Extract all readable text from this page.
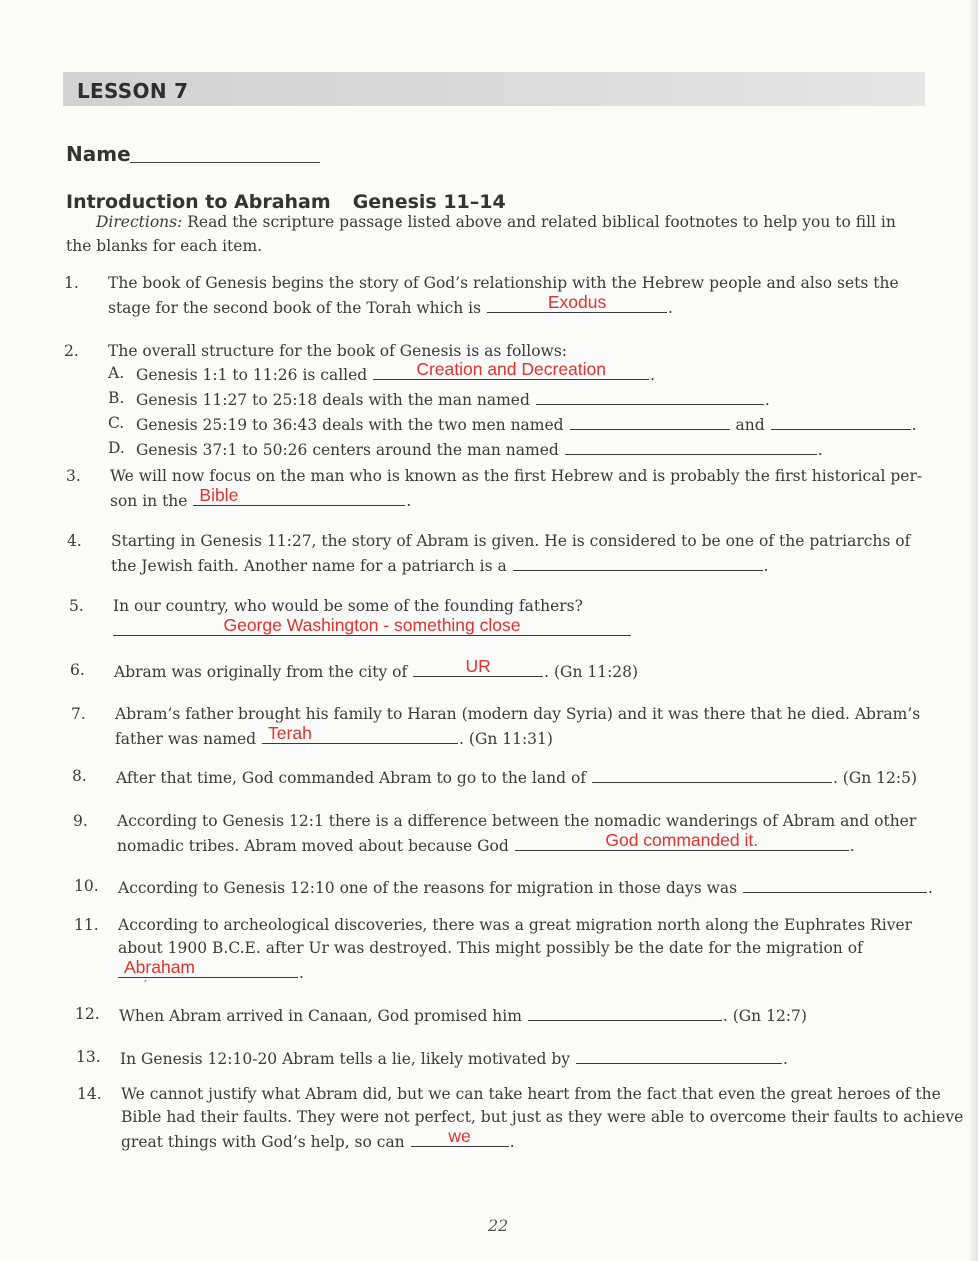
LESSON 7
Name
Introduction to Abraham Genesis 11–14

Directions: Read the scripture passage listed above and related biblical footnotes to help you to fill in the blanks for each item.

1. The book of Genesis begins the story of God’s relationship with the Hebrew people and also sets the
stage for the second book of the Torah which is	Exodus	.
2. The overall structure for the book of Genesis is as follows:
A. Genesis 1:1 to 11:26 is called	Creation and Decreation	.
B. Genesis 11:27 to 25:18 deals with the man named	.
C. Genesis 25:19 to 36:43 deals with the two men named	and	.
D. Genesis 37:1 to 50:26 centers around the man named	.
3. We will now focus on the man who is known as the first Hebrew and is probably the first historical per-
son in the Bible	.
4. Starting in Genesis 11:27, the story of Abram is given. He is considered to be one of the patriarchs of
the Jewish faith. Another name for a patriarch is a	.
5. In our country, who would be some of the founding fathers?

George Washington - something close
6. Abram was originally from the city of	UR	. (Gn 11:28)
7. Abram’s father brought his family to Haran (modern day Syria) and it was there that he died. Abram’s
father was named Terah	. (Gn 11:31)
8. After that time, God commanded Abram to go to the land of	. (Gn 12:5)
9. According to Genesis 12:1 there is a difference between the nomadic wanderings of Abram and other
nomadic tribes. Abram moved about because God	God commanded it.	.
10. According to Genesis 12:10 one of the reasons for migration in those days was	.
11. According to archeological discoveries, there was a great migration north along the Euphrates River
about 1900 B.C.E. after Ur was destroyed. This might possibly be the date for the migration of

Abraham	.
′
12. When Abram arrived in Canaan, God promised him	. (Gn 12:7)
13. In Genesis 12:10-20 Abram tells a lie, likely motivated by	.
14. We cannot justify what Abram did, but we can take heart from the fact that even the great heroes of the
Bible had their faults. They were not perfect, but just as they were able to overcome their faults to achieve
great things with God’s help, so can	we	.
22
